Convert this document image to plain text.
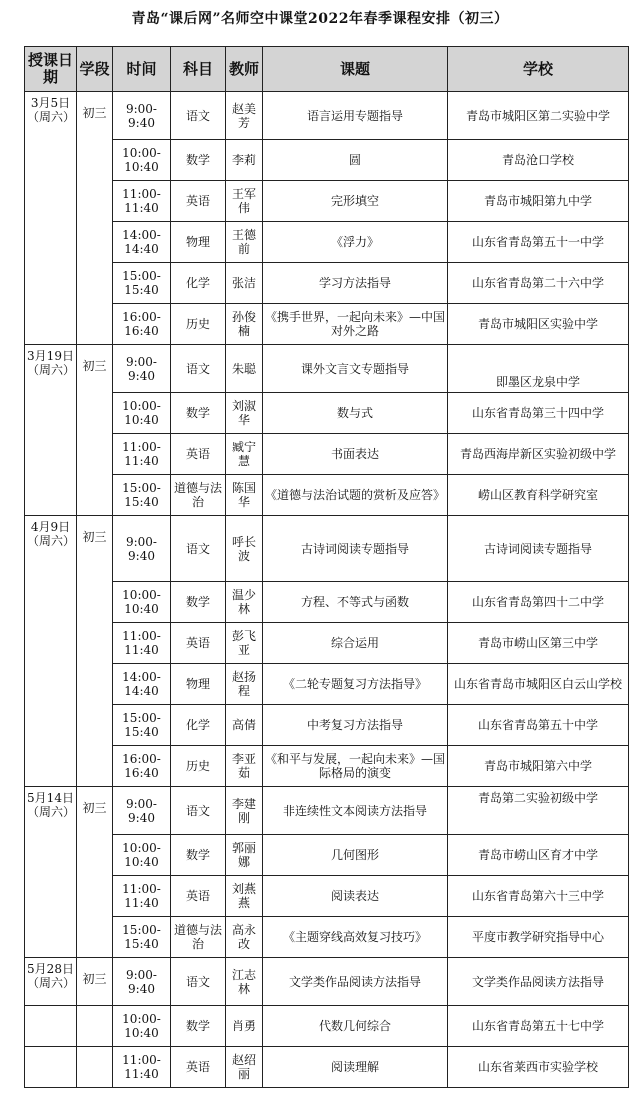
青岛“课后网”名师空中课堂2022年春季课程安排（初三）
授课日期	学段	时间	科目	教师	课题	学校
3月5日（周六）	初三	9:00-9:40	语文	赵美芳	语言运用专题指导	青岛市城阳区第二实验中学
		10:00-10:40	数学	李莉	圆	青岛沧口学校
		11:00-11:40	英语	王军伟	完形填空	青岛市城阳第九中学
		14:00-14:40	物理	王德前	《浮力》	山东省青岛第五十一中学
		15:00-15:40	化学	张洁	学习方法指导	山东省青岛第二十六中学
		16:00-16:40	历史	孙俊楠	《携手世界，一起向未来》—中国对外之路	青岛市城阳区实验中学
3月19日（周六）	初三	9:00-9:40	语文	朱聪	课外文言文专题指导	即墨区龙泉中学
		10:00-10:40	数学	刘淑华	数与式	山东省青岛第三十四中学
		11:00-11:40	英语	臧宁慧	书面表达	青岛西海岸新区实验初级中学
		15:00-15:40	道德与法治	陈国华	《道德与法治试题的赏析及应答》	崂山区教育科学研究室
4月9日（周六）	初三	9:00-9:40	语文	呼长波	古诗词阅读专题指导	古诗词阅读专题指导
		10:00-10:40	数学	温少林	方程、不等式与函数	山东省青岛第四十二中学
		11:00-11:40	英语	彭飞亚	综合运用	青岛市崂山区第三中学
		14:00-14:40	物理	赵扬程	《二轮专题复习方法指导》	山东省青岛市城阳区白云山学校
		15:00-15:40	化学	高倩	中考复习方法指导	山东省青岛第五十中学
		16:00-16:40	历史	李亚茹	《和平与发展，一起向未来》—国际格局的演变	青岛市城阳第六中学
5月14日（周六）	初三	9:00-9:40	语文	李建刚	非连续性文本阅读方法指导	青岛第二实验初级中学
		10:00-10:40	数学	郭丽娜	几何图形	青岛市崂山区育才中学
		11:00-11:40	英语	刘燕燕	阅读表达	山东省青岛第六十三中学
		15:00-15:40	道德与法治	高永改	《主题穿线高效复习技巧》	平度市教学研究指导中心
5月28日（周六）	初三	9:00-9:40	语文	江志林	文学类作品阅读方法指导	文学类作品阅读方法指导
		10:00-10:40	数学	肖勇	代数几何综合	山东省青岛第五十七中学
		11:00-11:40	英语	赵绍丽	阅读理解	山东省莱西市实验学校
